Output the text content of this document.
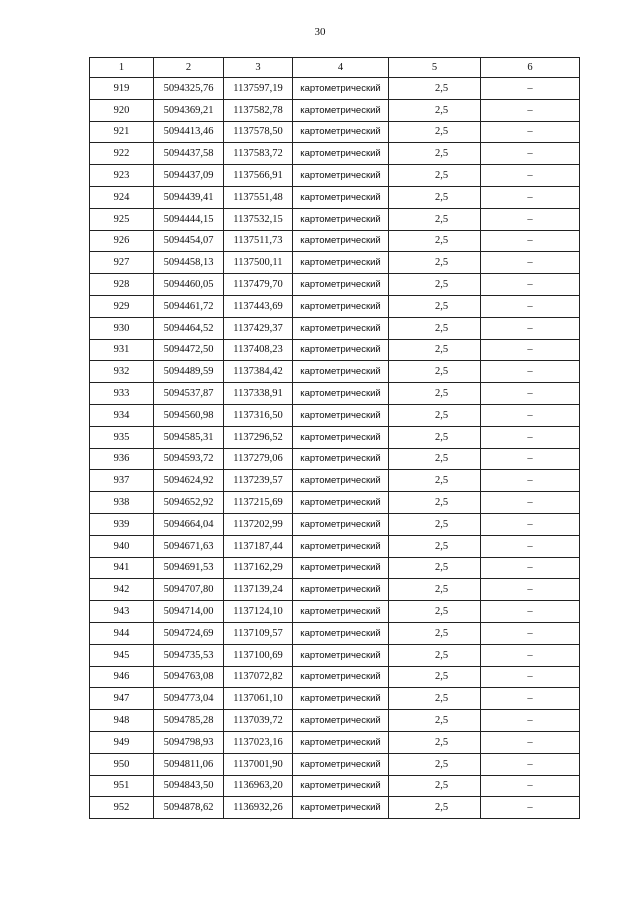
30
1	2	3	4	5	6
919	5094325,76	1137597,19	картометрический	2,5	–
920	5094369,21	1137582,78	картометрический	2,5	–
921	5094413,46	1137578,50	картометрический	2,5	–
922	5094437,58	1137583,72	картометрический	2,5	–
923	5094437,09	1137566,91	картометрический	2,5	–
924	5094439,41	1137551,48	картометрический	2,5	–
925	5094444,15	1137532,15	картометрический	2,5	–
926	5094454,07	1137511,73	картометрический	2,5	–
927	5094458,13	1137500,11	картометрический	2,5	–
928	5094460,05	1137479,70	картометрический	2,5	–
929	5094461,72	1137443,69	картометрический	2,5	–
930	5094464,52	1137429,37	картометрический	2,5	–
931	5094472,50	1137408,23	картометрический	2,5	–
932	5094489,59	1137384,42	картометрический	2,5	–
933	5094537,87	1137338,91	картометрический	2,5	–
934	5094560,98	1137316,50	картометрический	2,5	–
935	5094585,31	1137296,52	картометрический	2,5	–
936	5094593,72	1137279,06	картометрический	2,5	–
937	5094624,92	1137239,57	картометрический	2,5	–
938	5094652,92	1137215,69	картометрический	2,5	–
939	5094664,04	1137202,99	картометрический	2,5	–
940	5094671,63	1137187,44	картометрический	2,5	–
941	5094691,53	1137162,29	картометрический	2,5	–
942	5094707,80	1137139,24	картометрический	2,5	–
943	5094714,00	1137124,10	картометрический	2,5	–
944	5094724,69	1137109,57	картометрический	2,5	–
945	5094735,53	1137100,69	картометрический	2,5	–
946	5094763,08	1137072,82	картометрический	2,5	–
947	5094773,04	1137061,10	картометрический	2,5	–
948	5094785,28	1137039,72	картометрический	2,5	–
949	5094798,93	1137023,16	картометрический	2,5	–
950	5094811,06	1137001,90	картометрический	2,5	–
951	5094843,50	1136963,20	картометрический	2,5	–
952	5094878,62	1136932,26	картометрический	2,5	–
